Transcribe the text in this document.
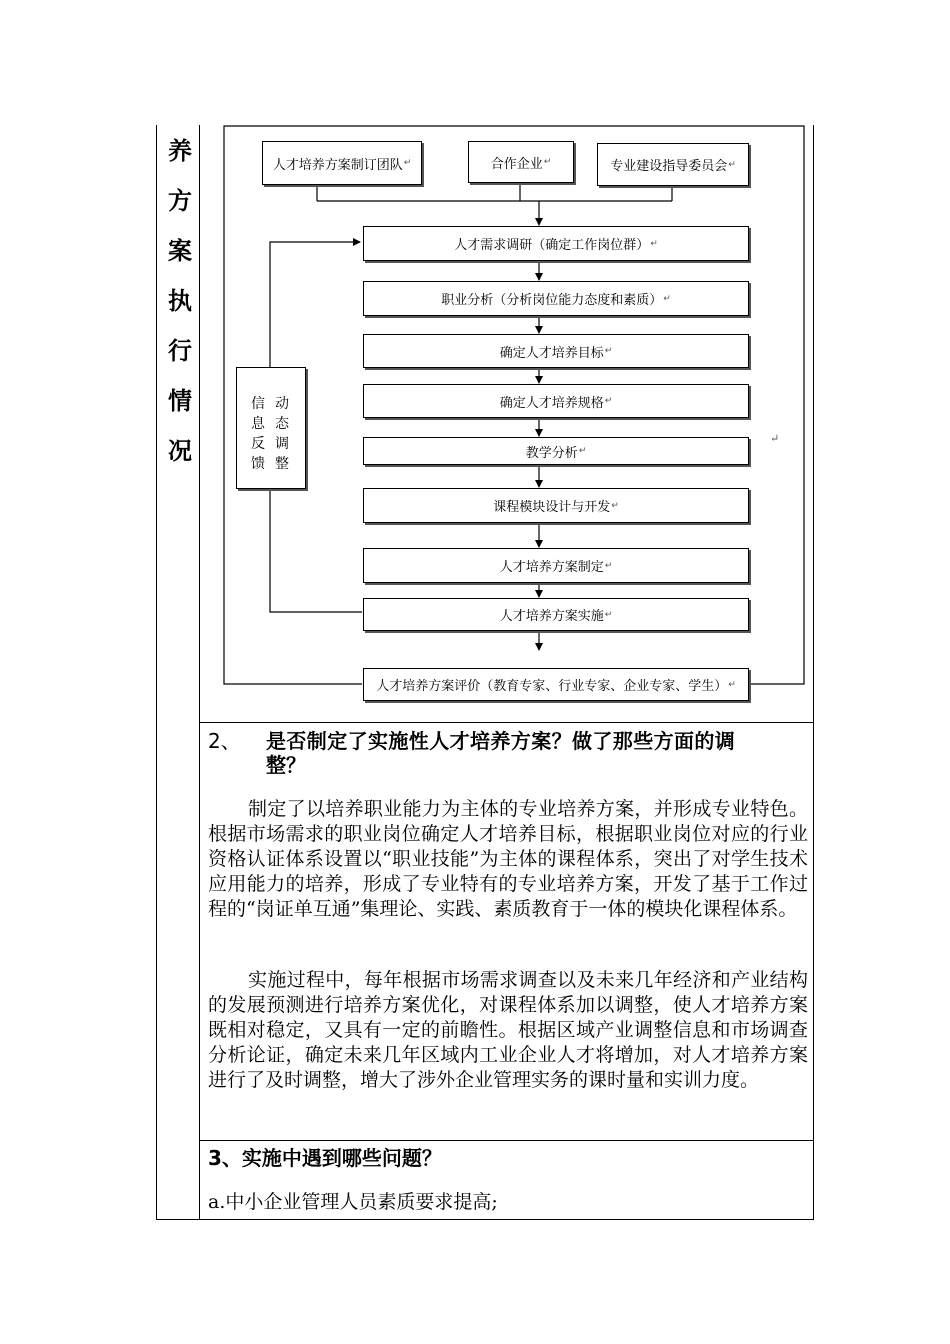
养
方
案
执
行
情
况
人才培养方案制订团队 ↵	合作企业 ↵	专业建设指导委员会 ↵
人才需求调研（确定工作岗位群） ↵
职业分析（分析岗位能力态度和素质） ↵
确定人才培养目标 ↵
确定人才培养规格 ↵
教学分析 ↵
课程模块设计与开发 ↵
人才培养方案制定 ↵
人才培养方案实施 ↵
人才培养方案评价（教育专家、行业专家、企业专家、学生） ↵
信
息
反
馈
动
态
调
整
↵
2、 是否制定了实施性人才培养方案？做了那些方面的调
整？
制定了以培养职业能力为主体的专业培养方案，并形成专业特色。根据市场需求的职业岗位确定人才培养目标，根据职业岗位对应的行业资格认证体系设置以“职业技能”为主体的课程体系，突出了对学生技术应用能力的培养，形成了专业特有的专业培养方案，开发了基于工作过程的“岗证单互通”集理论、实践、素质教育于一体的模块化课程体系。
实施过程中，每年根据市场需求调查以及未来几年经济和产业结构的发展预测进行培养方案优化，对课程体系加以调整，使人才培养方案既相对稳定，又具有一定的前瞻性。根据区域产业调整信息和市场调查分析论证，确定未来几年区域内工业企业人才将增加，对人才培养方案进行了及时调整，增大了涉外企业管理实务的课时量和实训力度。
3、实施中遇到哪些问题？
a.中小企业管理人员素质要求提高;
